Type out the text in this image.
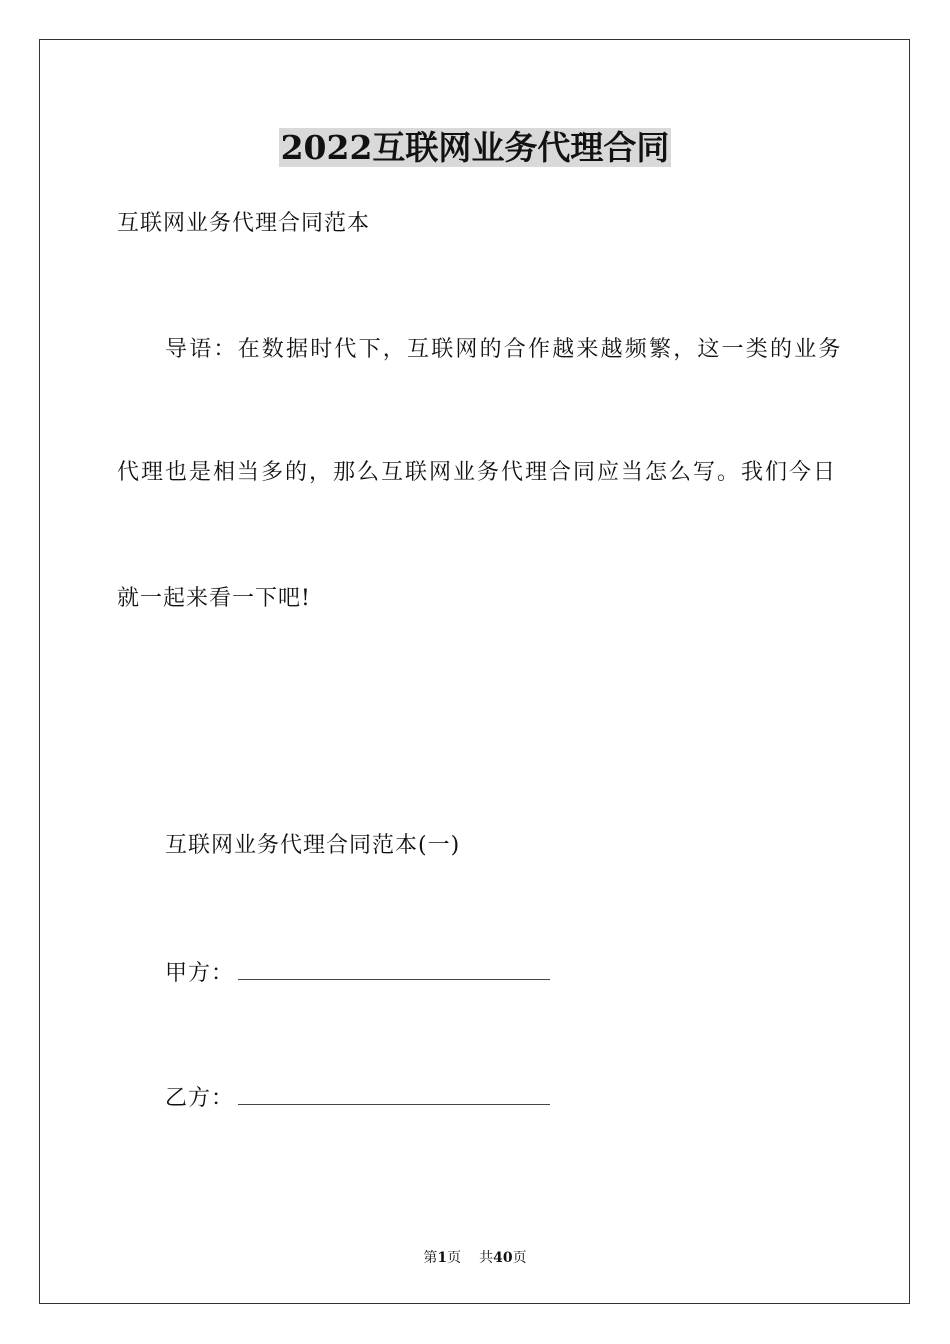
2022互联网业务代理合同
互联网业务代理合同范本
导语：在数据时代下，互联网的合作越来越频繁，这一类的业务
代理也是相当多的，那么互联网业务代理合同应当怎么写。我们今日
就一起来看一下吧!
互联网业务代理合同范本(一)
甲方：
乙方：
第1页 共40页
